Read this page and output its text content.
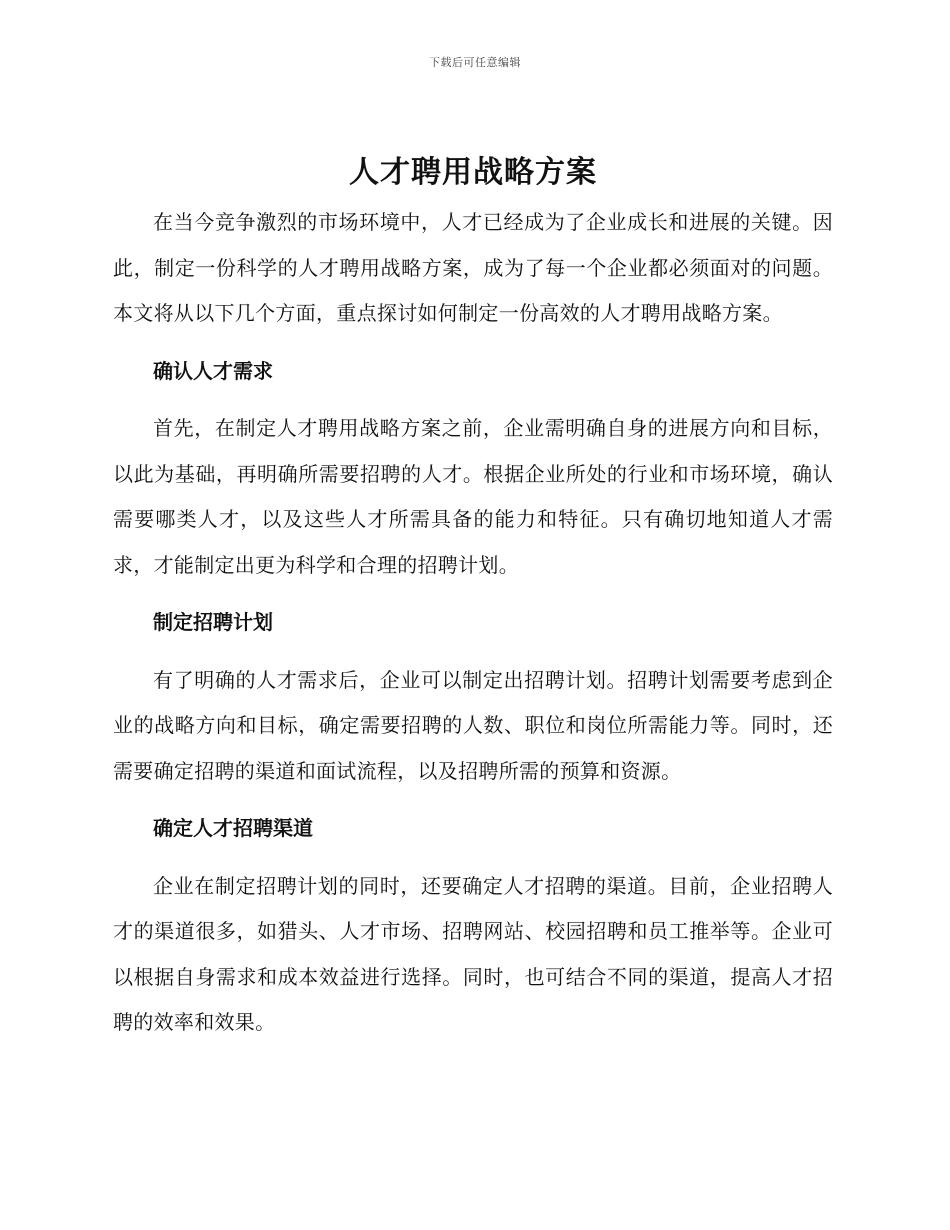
下载后可任意编辑
人才聘用战略方案

在当今竞争激烈的市场环境中，人才已经成为了企业成长和进展的关键。因此，制定一份科学的人才聘用战略方案，成为了每一个企业都必须面对的问题。本文将从以下几个方面，重点探讨如何制定一份高效的人才聘用战略方案。

确认人才需求

首先，在制定人才聘用战略方案之前，企业需明确自身的进展方向和目标，以此为基础，再明确所需要招聘的人才。根据企业所处的行业和市场环境，确认需要哪类人才，以及这些人才所需具备的能力和特征。只有确切地知道人才需求，才能制定出更为科学和合理的招聘计划。

制定招聘计划

有了明确的人才需求后，企业可以制定出招聘计划。招聘计划需要考虑到企业的战略方向和目标，确定需要招聘的人数、职位和岗位所需能力等。同时，还需要确定招聘的渠道和面试流程，以及招聘所需的预算和资源。

确定人才招聘渠道

企业在制定招聘计划的同时，还要确定人才招聘的渠道。目前，企业招聘人才的渠道很多，如猎头、人才市场、招聘网站、校园招聘和员工推举等。企业可以根据自身需求和成本效益进行选择。同时，也可结合不同的渠道，提高人才招聘的效率和效果。
